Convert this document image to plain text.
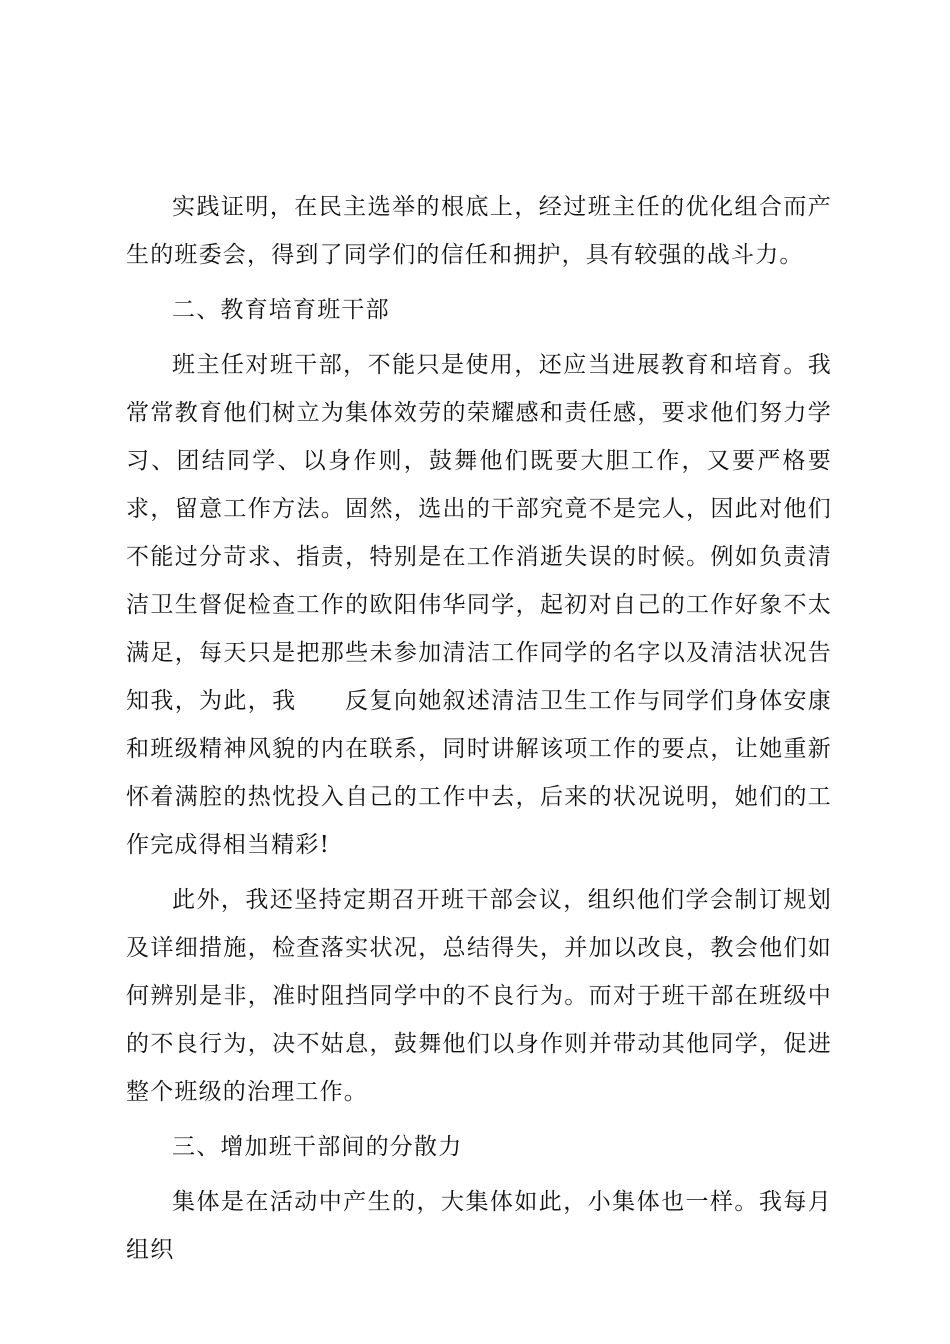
实践证明，在民主选举的根底上，经过班主任的优化组合而产生的班委会，得到了同学们的信任和拥护，具有较强的战斗力。

二、教育培育班干部

班主任对班干部，不能只是使用，还应当进展教育和培育。我常常教育他们树立为集体效劳的荣耀感和责任感，要求他们努力学习、团结同学、以身作则，鼓舞他们既要大胆工作，又要严格要求，留意工作方法。固然，选出的干部究竟不是完人，因此对他们不能过分苛求、指责，特别是在工作消逝失误的时候。例如负责清洁卫生督促检查工作的欧阳伟华同学，起初对自己的工作好象不太满足，每天只是把那些未参加清洁工作同学的名字以及清洁状况告知我，为此，我　　反复向她叙述清洁卫生工作与同学们身体安康和班级精神风貌的内在联系，同时讲解该项工作的要点，让她重新怀着满腔的热忱投入自己的工作中去，后来的状况说明，她们的工作完成得相当精彩!

此外，我还坚持定期召开班干部会议，组织他们学会制订规划及详细措施，检查落实状况，总结得失，并加以改良，教会他们如何辨别是非，准时阻挡同学中的不良行为。而对于班干部在班级中的不良行为，决不姑息，鼓舞他们以身作则并带动其他同学，促进整个班级的治理工作。

三、增加班干部间的分散力

集体是在活动中产生的，大集体如此，小集体也一样。我每月组织
